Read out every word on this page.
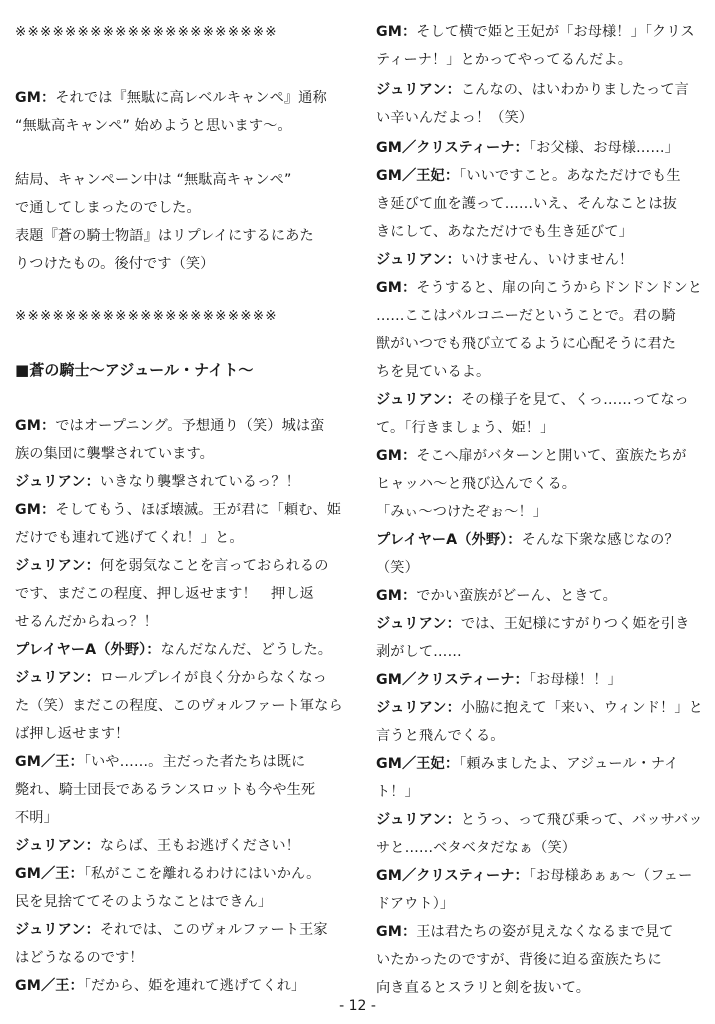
※※※※※※※※※※※※※※※※※※※※※
GM：それでは『無駄に高レベルキャンペ』通称
“無駄高キャンペ” 始めようと思います～。
結局、キャンペーン中は “無駄高キャンペ”
で通してしまったのでした。
表題『蒼の騎士物語』はリプレイにするにあた
りつけたもの。後付です（笑）
※※※※※※※※※※※※※※※※※※※※※
■蒼の騎士～アジュール・ナイト～
GM：ではオープニング。予想通り（笑）城は蛮
族の集団に襲撃されています。
ジュリアン：いきなり襲撃されているっ？！
GM：そしてもう、ほぼ壊滅。王が君に「頼む、姫
だけでも連れて逃げてくれ！」と。
ジュリアン：何を弱気なことを言っておられるの
です、まだこの程度、押し返せます！　押し返
せるんだからねっ？！
プレイヤーA（外野）：なんだなんだ、どうした。
ジュリアン：ロールプレイが良く分からなくなっ
た（笑）まだこの程度、このヴォルファート軍なら
ば押し返せます！
GM／王：「いや……。主だった者たちは既に
斃れ、騎士団長であるランスロットも今や生死
不明」
ジュリアン：ならば、王もお逃げください！
GM／王：「私がここを離れるわけにはいかん。
民を見捨ててそのようなことはできん」
ジュリアン：それでは、このヴォルファート王家
はどうなるのです！
GM／王：「だから、姫を連れて逃げてくれ」
GM：そして横で姫と王妃が「お母様！」「クリス
ティーナ！」とかってやってるんだよ。
ジュリアン：こんなの、はいわかりましたって言
い辛いんだよっ！（笑）
GM／クリスティーナ：「お父様、お母様……」
GM／王妃：「いいですこと。あなただけでも生
き延びて血を護って……いえ、そんなことは抜
きにして、あなただけでも生き延びて」
ジュリアン：いけません、いけません！
GM：そうすると、扉の向こうからドンドンドンと
……ここはバルコニーだということで。君の騎
獣がいつでも飛び立てるように心配そうに君た
ちを見ているよ。
ジュリアン：その様子を見て、くっ……ってなっ
て。「行きましょう、姫！」
GM：そこへ扉がバターンと開いて、蛮族たちが
ヒャッハ～と飛び込んでくる。
「みぃ～つけたぞぉ～！」
プレイヤーA（外野）：そんな下衆な感じなの？
（笑）
GM：でかい蛮族がどーん、ときて。
ジュリアン：では、王妃様にすがりつく姫を引き
剥がして……
GM／クリスティーナ：「お母様！！」
ジュリアン：小脇に抱えて「来い、ウィンド！」と
言うと飛んでくる。
GM／王妃：「頼みましたよ、アジュール・ナイ
ト！」
ジュリアン：とうっ、って飛び乗って、バッサバッ
サと……ベタベタだなぁ（笑）
GM／クリスティーナ：「お母様あぁぁ～（フェー
ドアウト）」
GM：王は君たちの姿が見えなくなるまで見て
いたかったのですが、背後に迫る蛮族たちに
向き直るとスラリと剣を抜いて。
- 12 -
